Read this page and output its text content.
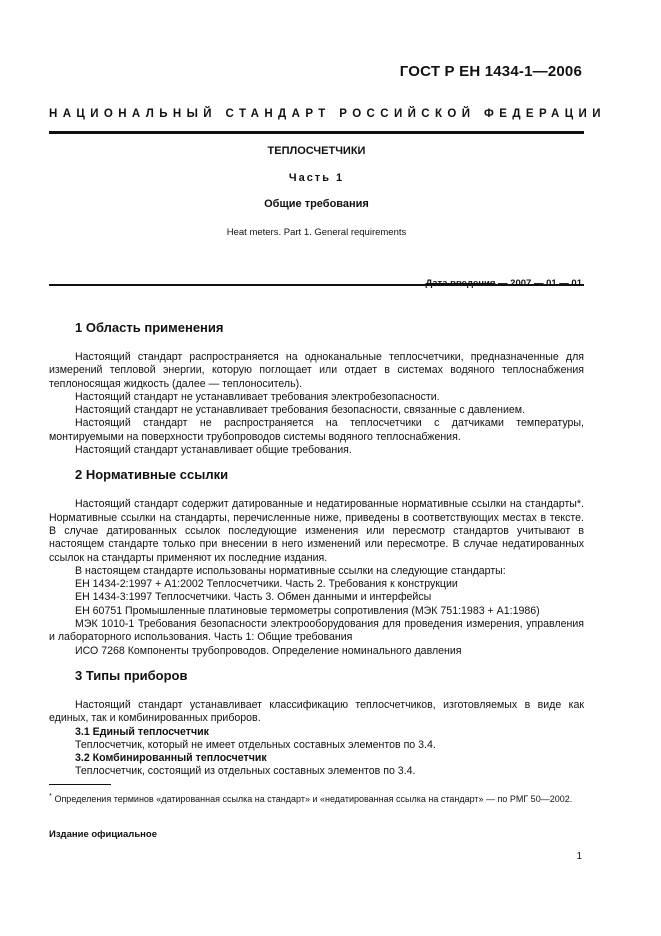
ГОСТ Р ЕН 1434-1—2006
НАЦИОНАЛЬНЫЙ СТАНДАРТ РОССИЙСКОЙ ФЕДЕРАЦИИ
ТЕПЛОСЧЕТЧИКИ
Часть 1
Общие требования
Heat meters. Part 1. General requirements
1 Область применения

Настоящий стандарт распространяется на одноканальные теплосчетчики, предназначенные для измерений тепловой энергии, которую поглощает или отдает в системах водяного теплоснабжения теплоносящая жидкость (далее — теплоноситель).

Настоящий стандарт не устанавливает требования электробезопасности.

Настоящий стандарт не устанавливает требования безопасности, связанные с давлением.

Настоящий стандарт не распространяется на теплосчетчики с датчиками температуры, монтируемыми на поверхности трубопроводов системы водяного теплоснабжения.

Настоящий стандарт устанавливает общие требования.

2 Нормативные ссылки

Настоящий стандарт содержит датированные и недатированные нормативные ссылки на стандарты*. Нормативные ссылки на стандарты, перечисленные ниже, приведены в соответствующих местах в тексте. В случае датированных ссылок последующие изменения или пересмотр стандартов учитывают в настоящем стандарте только при внесении в него изменений или пересмотре. В случае недатированных ссылок на стандарты применяют их последние издания.

В настоящем стандарте использованы нормативные ссылки на следующие стандарты:

ЕН 1434-2:1997 + А1:2002 Теплосчетчики. Часть 2. Требования к конструкции
ЕН 1434-3:1997 Теплосчетчики. Часть 3. Обмен данными и интерфейсы
ЕН 60751 Промышленные платиновые термометры сопротивления (МЭК 751:1983 + А1:1986)

МЭК 1010-1 Требования безопасности электрооборудования для проведения измерения, управления и лабораторного использования. Часть 1: Общие требования

ИСО 7268 Компоненты трубопроводов. Определение номинального давления
3 Типы приборов

Настоящий стандарт устанавливает классификацию теплосчетчиков, изготовляемых в виде как единых, так и комбинированных приборов.

3.1 Единый теплосчетчик

Теплосчетчик, который не имеет отдельных составных элементов по 3.4.

3.2 Комбинированный теплосчетчик

Теплосчетчик, состоящий из отдельных составных элементов по 3.4.

* Определения терминов «датированная ссылка на стандарт» и «недатированная ссылка на стандарт» — по РМГ 50—2002.
Издание официальное
1
